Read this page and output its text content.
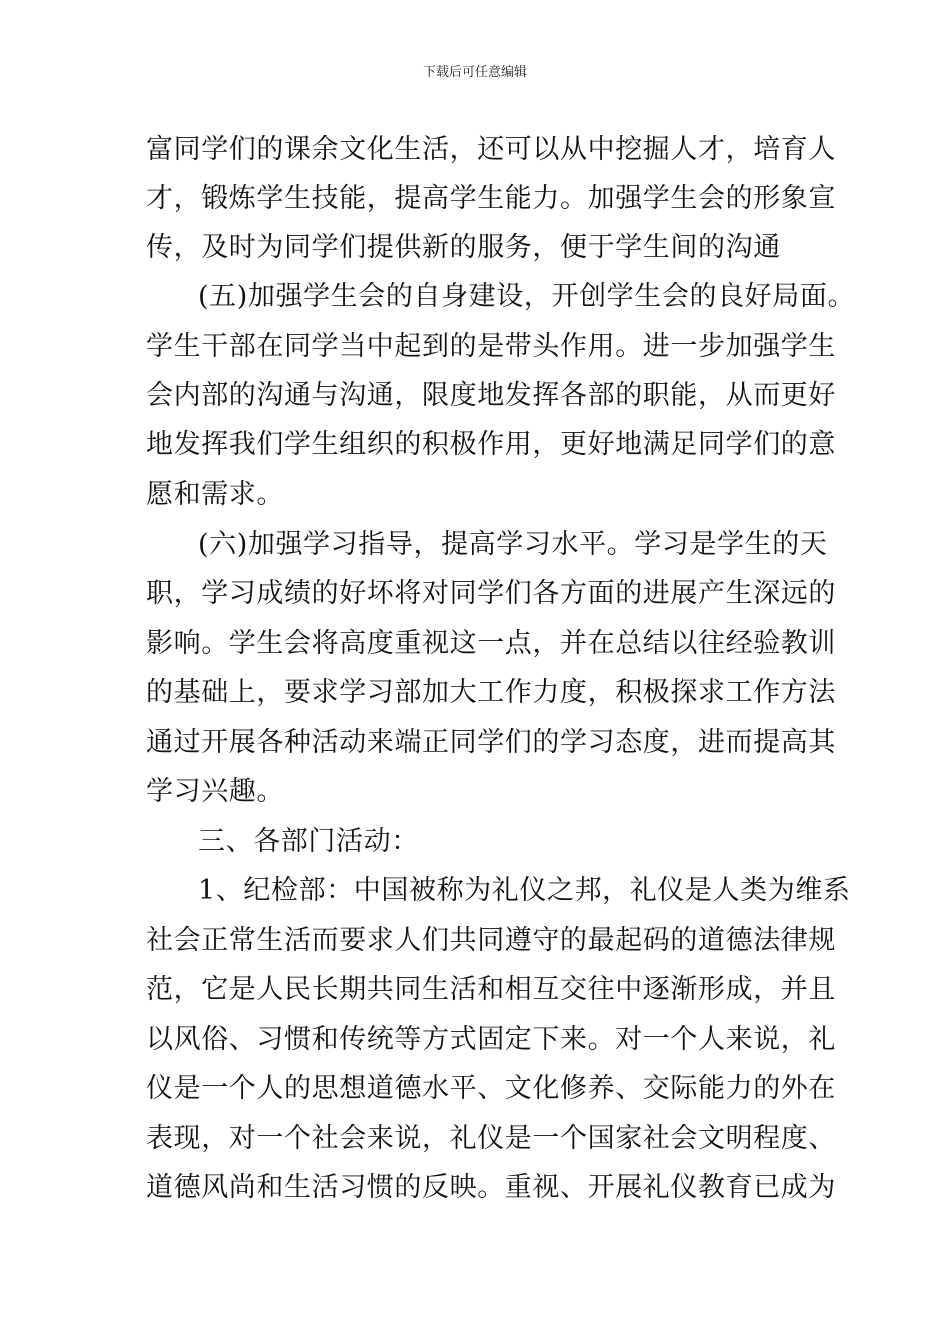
下载后可任意编辑
富同学们的课余文化生活，还可以从中挖掘人才，培育人
才，锻炼学生技能，提高学生能力。加强学生会的形象宣
传，及时为同学们提供新的服务，便于学生间的沟通
(五)加强学生会的自身建设，开创学生会的良好局面。
学生干部在同学当中起到的是带头作用。进一步加强学生
会内部的沟通与沟通，限度地发挥各部的职能，从而更好
地发挥我们学生组织的积极作用，更好地满足同学们的意
愿和需求。
(六)加强学习指导，提高学习水平。学习是学生的天
职，学习成绩的好坏将对同学们各方面的进展产生深远的
影响。学生会将高度重视这一点，并在总结以往经验教训
的基础上，要求学习部加大工作力度，积极探求工作方法
通过开展各种活动来端正同学们的学习态度，进而提高其
学习兴趣。
三、各部门活动：
1、纪检部：中国被称为礼仪之邦，礼仪是人类为维系
社会正常生活而要求人们共同遵守的最起码的道德法律规
范，它是人民长期共同生活和相互交往中逐渐形成，并且
以风俗、习惯和传统等方式固定下来。对一个人来说，礼
仪是一个人的思想道德水平、文化修养、交际能力的外在
表现，对一个社会来说，礼仪是一个国家社会文明程度、
道德风尚和生活习惯的反映。重视、开展礼仪教育已成为
